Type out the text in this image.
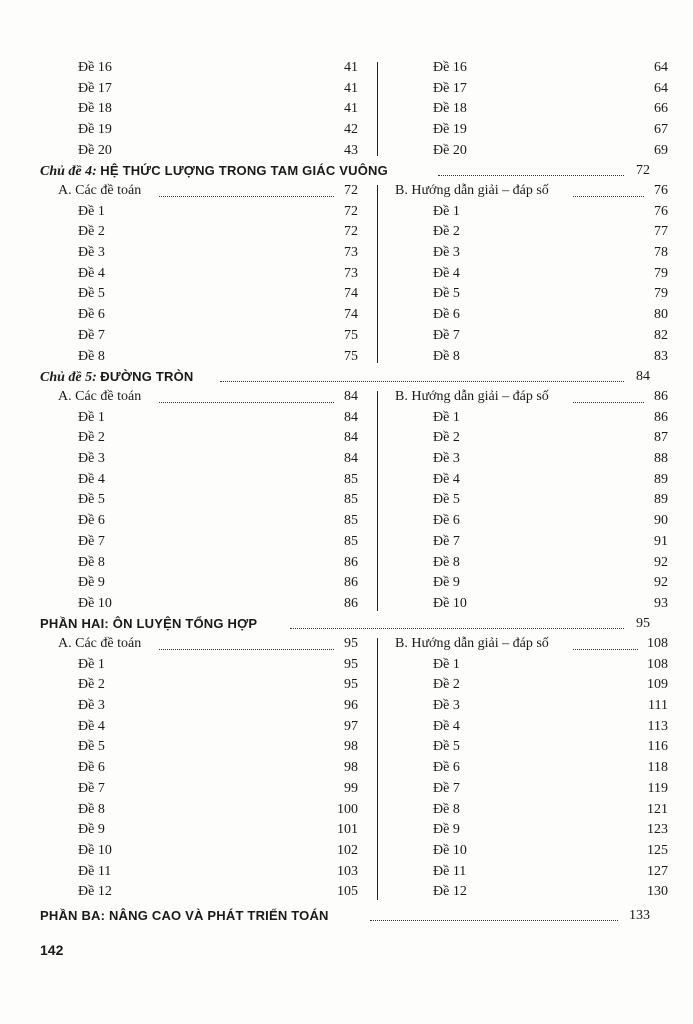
Đề 16	41
Đề 17	41
Đề 18	41
Đề 19	42
Đề 20	43
Đề 16	64
Đề 17	64
Đề 18	66
Đề 19	67
Đề 20	69
Chủ đề 4: HỆ THỨC LƯỢNG TRONG TAM GIÁC VUÔNG	72
A. Các đề toán	72
Đề 1	72
Đề 2	72
Đề 3	73
Đề 4	73
Đề 5	74
Đề 6	74
Đề 7	75
Đề 8	75
B. Hướng dẫn giải – đáp số	76
Đề 1	76
Đề 2	77
Đề 3	78
Đề 4	79
Đề 5	79
Đề 6	80
Đề 7	82
Đề 8	83
Chủ đề 5: ĐƯỜNG TRÒN	84
A. Các đề toán	84
Đề 1	84
Đề 2	84
Đề 3	84
Đề 4	85
Đề 5	85
Đề 6	85
Đề 7	85
Đề 8	86
Đề 9	86
Đề 10	86
B. Hướng dẫn giải – đáp số	86
Đề 1	86
Đề 2	87
Đề 3	88
Đề 4	89
Đề 5	89
Đề 6	90
Đề 7	91
Đề 8	92
Đề 9	92
Đề 10	93
PHẦN HAI: ÔN LUYỆN TỔNG HỢP	95
A. Các đề toán	95
Đề 1	95
Đề 2	95
Đề 3	96
Đề 4	97
Đề 5	98
Đề 6	98
Đề 7	99
Đề 8	100
Đề 9	101
Đề 10	102
Đề 11	103
Đề 12	105
B. Hướng dẫn giải – đáp số	108
Đề 1	108
Đề 2	109
Đề 3	111
Đề 4	113
Đề 5	116
Đề 6	118
Đề 7	119
Đề 8	121
Đề 9	123
Đề 10	125
Đề 11	127
Đề 12	130
PHẦN BA: NÂNG CAO VÀ PHÁT TRIỂN TOÁN	133
142
